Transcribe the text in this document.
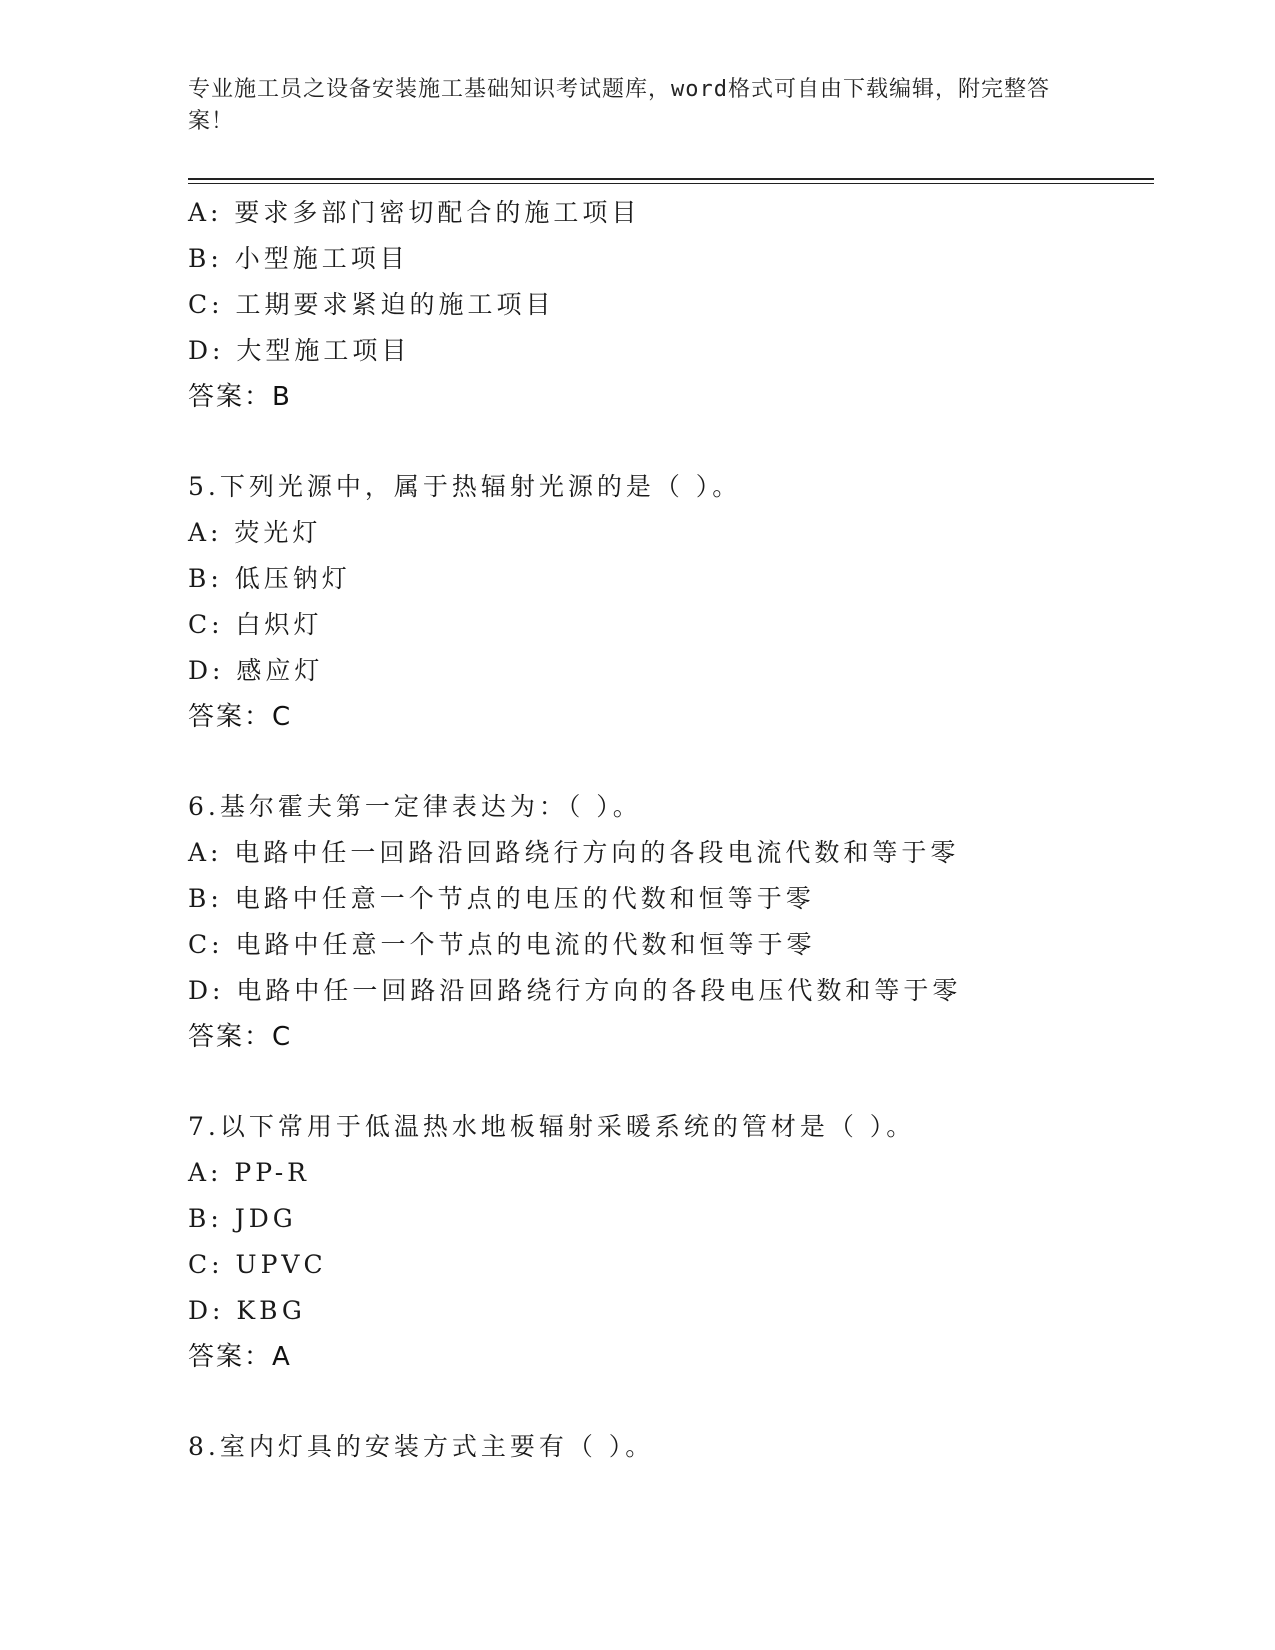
专业施工员之设备安装施工基础知识考试题库，word格式可自由下载编辑，附完整答案！
A: 要求多部门密切配合的施工项目
B: 小型施工项目
C: 工期要求紧迫的施工项目
D: 大型施工项目
答案：B
5.下列光源中，属于热辐射光源的是（ ）。
A: 荧光灯
B: 低压钠灯
C: 白炽灯
D: 感应灯
答案：C
6.基尔霍夫第一定律表达为：（ ）。
A: 电路中任一回路沿回路绕行方向的各段电流代数和等于零
B: 电路中任意一个节点的电压的代数和恒等于零
C: 电路中任意一个节点的电流的代数和恒等于零
D: 电路中任一回路沿回路绕行方向的各段电压代数和等于零
答案：C
7.以下常用于低温热水地板辐射采暖系统的管材是（ ）。
A: PP-R
B: JDG
C: UPVC
D: KBG
答案：A
8.室内灯具的安装方式主要有（ ）。
